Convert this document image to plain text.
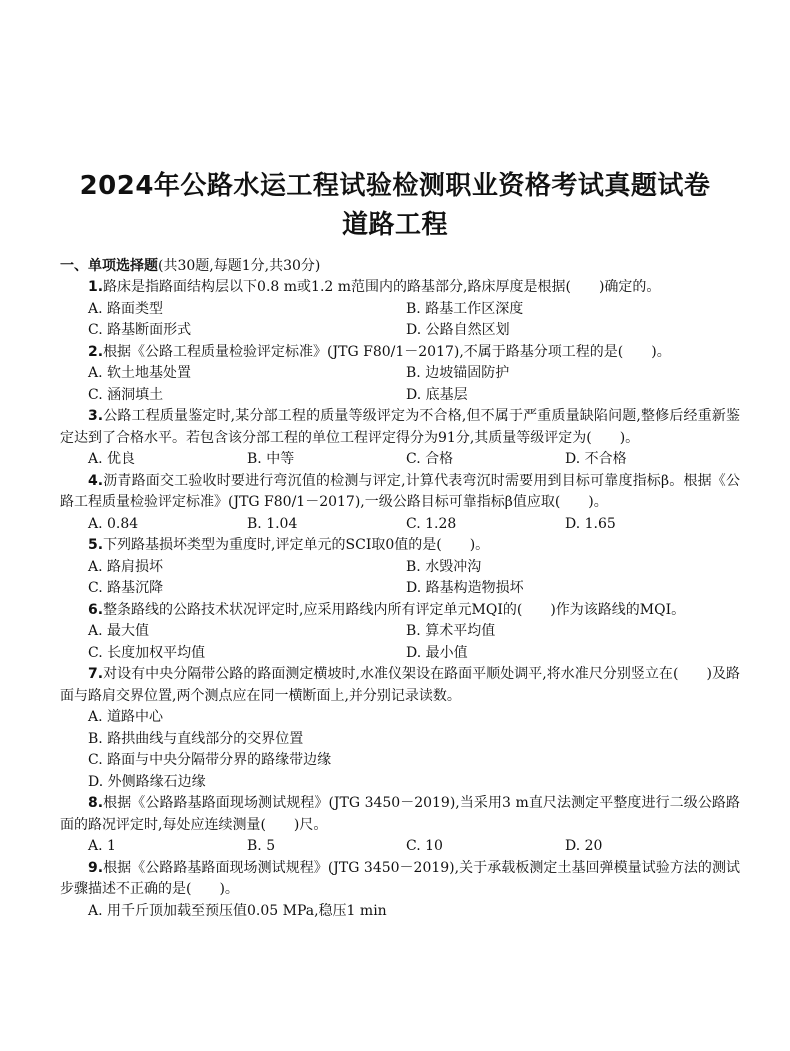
2024年公路水运工程试验检测职业资格考试真题试卷
道路工程
一、单项选择题(共30题,每题1分,共30分)
1.路床是指路面结构层以下0.8 m或1.2 m范围内的路基部分,路床厚度是根据(　　)确定的。
A. 路面类型	B. 路基工作区深度
C. 路基断面形式	D. 公路自然区划
2.根据《公路工程质量检验评定标准》(JTG F80/1－2017),不属于路基分项工程的是(　　)。
A. 软土地基处置	B. 边坡锚固防护
C. 涵洞填土	D. 底基层
3.公路工程质量鉴定时,某分部工程的质量等级评定为不合格,但不属于严重质量缺陷问题,整修后经重新鉴定达到了合格水平。若包含该分部工程的单位工程评定得分为91分,其质量等级评定为(　　)。
A. 优良	B. 中等	C. 合格	D. 不合格
4.沥青路面交工验收时要进行弯沉值的检测与评定,计算代表弯沉时需要用到目标可靠度指标β。根据《公路工程质量检验评定标准》(JTG F80/1－2017),一级公路目标可靠指标β值应取(　　)。
A. 0.84	B. 1.04	C. 1.28	D. 1.65
5.下列路基损坏类型为重度时,评定单元的SCI取0值的是(　　)。
A. 路肩损坏	B. 水毁冲沟
C. 路基沉降	D. 路基构造物损坏
6.整条路线的公路技术状况评定时,应采用路线内所有评定单元MQI的(　　)作为该路线的MQI。
A. 最大值	B. 算术平均值
C. 长度加权平均值	D. 最小值
7.对设有中央分隔带公路的路面测定横坡时,水准仪架设在路面平顺处调平,将水准尺分别竖立在(　　)及路面与路肩交界位置,两个测点应在同一横断面上,并分别记录读数。
A. 道路中心
B. 路拱曲线与直线部分的交界位置
C. 路面与中央分隔带分界的路缘带边缘
D. 外侧路缘石边缘
8.根据《公路路基路面现场测试规程》(JTG 3450－2019),当采用3 m直尺法测定平整度进行二级公路路面的路况评定时,每处应连续测量(　　)尺。
A. 1	B. 5	C. 10	D. 20
9.根据《公路路基路面现场测试规程》(JTG 3450－2019),关于承载板测定土基回弹模量试验方法的测试步骤描述不正确的是(　　)。
A. 用千斤顶加载至预压值0.05 MPa,稳压1 min
